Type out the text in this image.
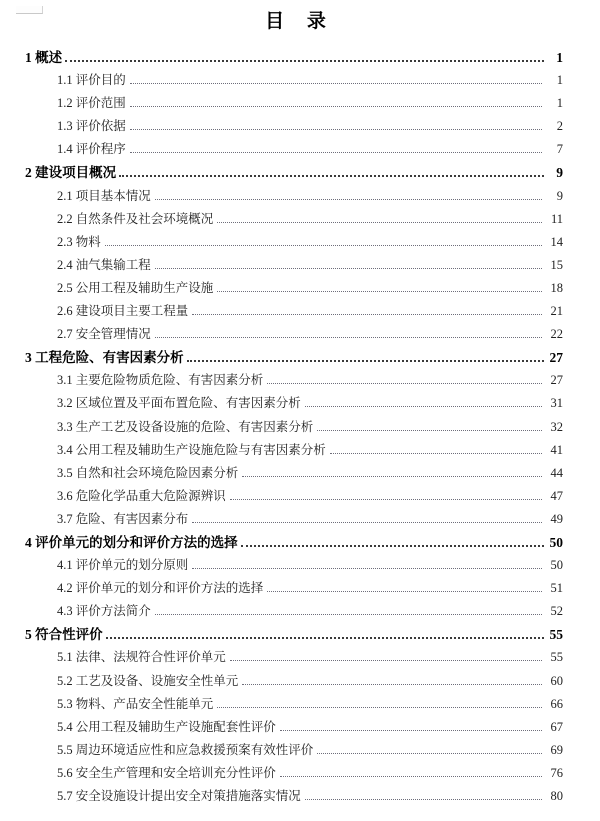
目 录
1 概述	1
1.1 评价目的	1
1.2 评价范围	1
1.3 评价依据	2
1.4 评价程序	7
2 建设项目概况	9
2.1 项目基本情况	9
2.2 自然条件及社会环境概况	11
2.3 物料	14
2.4 油气集输工程	15
2.5 公用工程及辅助生产设施	18
2.6 建设项目主要工程量	21
2.7 安全管理情况	22
3 工程危险、有害因素分析	27
3.1 主要危险物质危险、有害因素分析	27
3.2 区域位置及平面布置危险、有害因素分析	31
3.3 生产工艺及设备设施的危险、有害因素分析	32
3.4 公用工程及辅助生产设施危险与有害因素分析	41
3.5 自然和社会环境危险因素分析	44
3.6 危险化学品重大危险源辨识	47
3.7 危险、有害因素分布	49
4 评价单元的划分和评价方法的选择	50
4.1 评价单元的划分原则	50
4.2 评价单元的划分和评价方法的选择	51
4.3 评价方法简介	52
5 符合性评价	55
5.1 法律、法规符合性评价单元	55
5.2 工艺及设备、设施安全性单元	60
5.3 物料、产品安全性能单元	66
5.4 公用工程及辅助生产设施配套性评价	67
5.5 周边环境适应性和应急救援预案有效性评价	69
5.6 安全生产管理和安全培训充分性评价	76
5.7 安全设施设计提出安全对策措施落实情况	80
